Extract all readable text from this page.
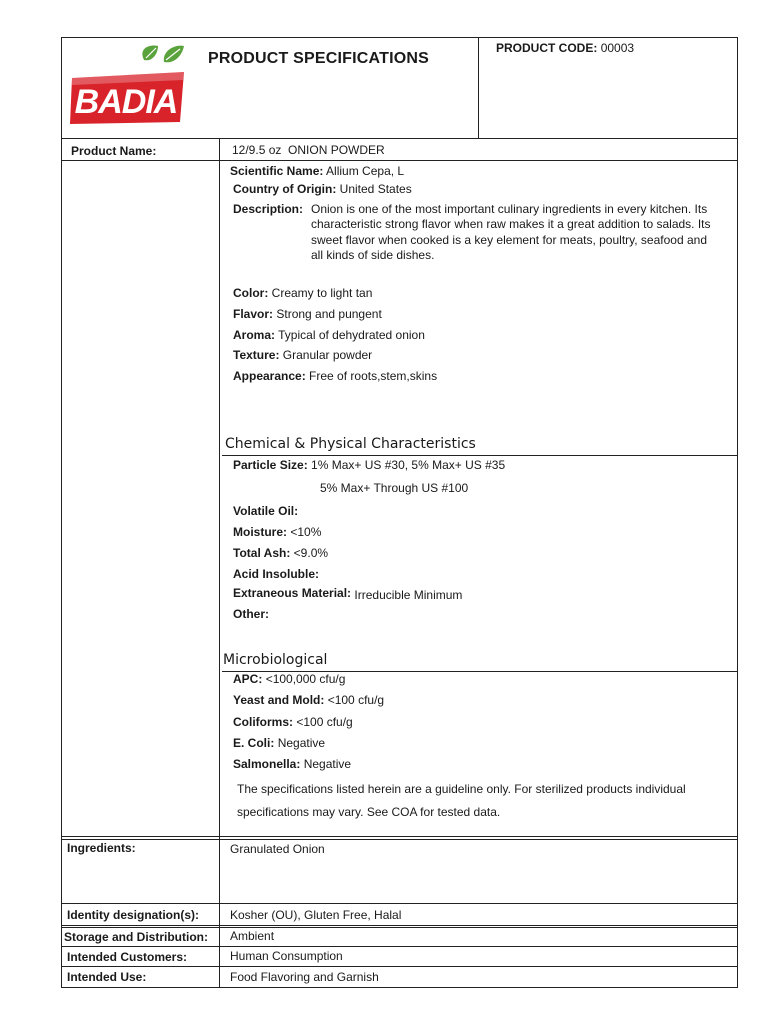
BADIA
PRODUCT SPECIFICATIONS
PRODUCT CODE: 00003
Product Name:	12/9.5 oz  ONION POWDER
Scientific Name: Allium Cepa, L
Country of Origin: United States
Description: Onion is one of the most important culinary ingredients in every kitchen. Its characteristic strong flavor when raw makes it a great addition to salads. Its sweet flavor when cooked is a key element for meats, poultry, seafood and all kinds of side dishes.
Color: Creamy to light tan
Flavor: Strong and pungent
Aroma: Typical of dehydrated onion
Texture: Granular powder
Appearance: Free of roots,stem,skins
Chemical & Physical Characteristics
Particle Size: 1% Max+ US #30, 5% Max+ US #35
5% Max+ Through US #100
Volatile Oil:
Moisture: <10%
Total Ash: <9.0%
Acid Insoluble:
Extraneous Material: Irreducible Minimum
Other:
Microbiological
APC: <100,000 cfu/g
Yeast and Mold: <100 cfu/g
Coliforms: <100 cfu/g
E. Coli: Negative
Salmonella: Negative
The specifications listed herein are a guideline only. For sterilized products individual specifications may vary. See COA for tested data.
Ingredients:	Granulated Onion
Identity designation(s):	Kosher (OU), Gluten Free, Halal
Storage and Distribution: Ambient
Intended Customers:	Human Consumption
Intended Use:	Food Flavoring and Garnish
